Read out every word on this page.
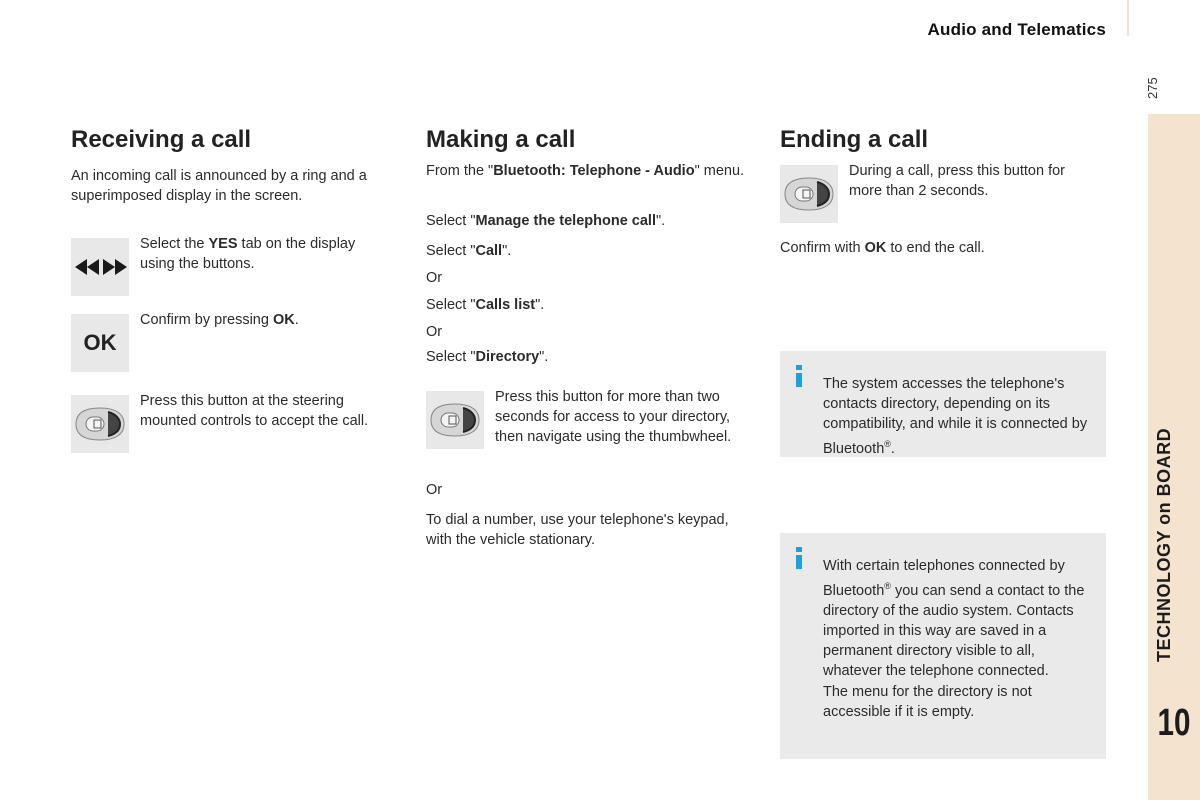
Audio and Telematics
275
TECHNOLOGY on BOARD
10
Receiving a call

An incoming call is announced by a ring and a superimposed display in the screen.

Select the YES tab on the display using the buttons.

OK

Confirm by pressing OK.

Press this button at the steering mounted controls to accept the call.

Making a call

From the "Bluetooth: Telephone - Audio" menu.

Select "Manage the telephone call".

Select "Call".

Or

Select "Calls list".

Or

Select "Directory".

Press this button for more than two seconds for access to your directory, then navigate using the thumbwheel.

Or

To dial a number, use your telephone's keypad, with the vehicle stationary.

Ending a call

During a call, press this button for more than 2 seconds.

Confirm with OK to end the call.

The system accesses the telephone's contacts directory, depending on its compatibility, and while it is connected by Bluetooth®.

With certain telephones connected by Bluetooth® you can send a contact to the directory of the audio system. Contacts imported in this way are saved in a permanent directory visible to all, whatever the telephone connected.
The menu for the directory is not accessible if it is empty.
